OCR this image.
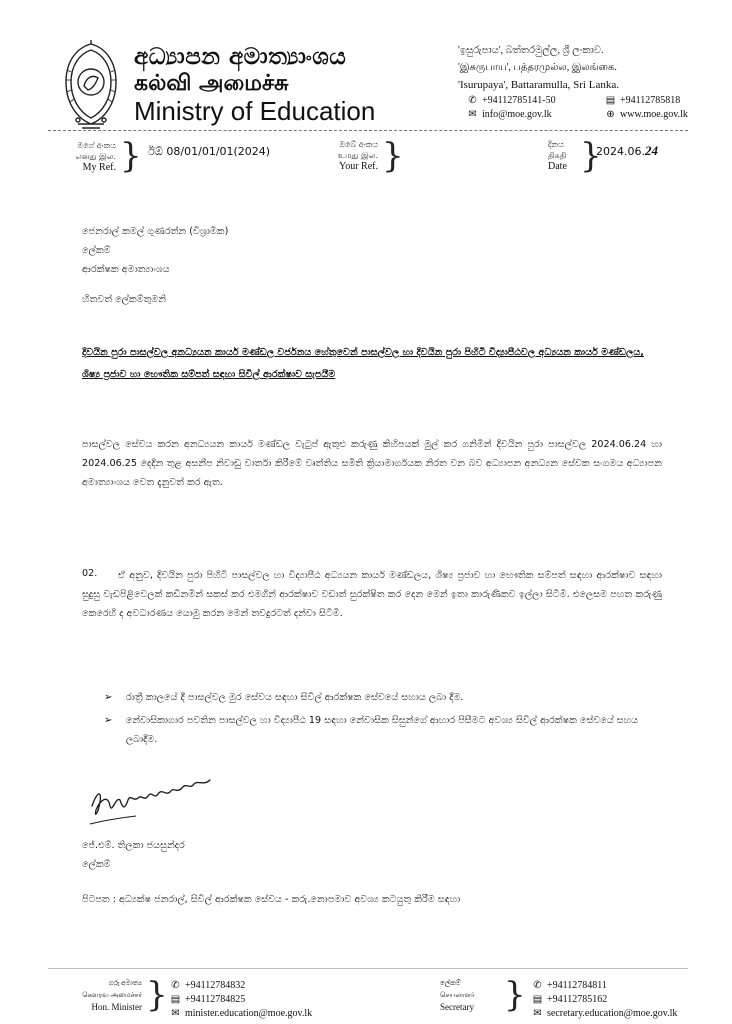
අධ්‍යාපන අමාත්‍යාංශය
கல்வி அமைச்சு
Ministry of Education
'ඉසුරුපාය', බත්තරමුල්ල, ශ්‍රී ලංකාව.
'இசுருபாய', பத்தரமுல்ல, இலங்கை.
'Isurupaya', Battaramulla, Sri Lanka.
✆ +94112785141-50	▤ +94112785818
✉ info@moe.gov.lk	⊕ www.moe.gov.lk
මගේ අංකය
எனது இல.
My Ref. } ඊඕ 08/01/01/01(2024)
ඔබේ අංකය
உமது இல.
Your Ref. }	දිනය
திகதி
Date }
2024.06.24
ජෙනරාල් කමල් ගුණරත්න (විශ්‍රාමික)
ලේකම්
ආරක්ෂක අමාත්‍යාංශය
හිතවත් ලේකම්තුමනි
දිවයින පුරා පාසල්වල අනධ්‍යයන කාර්ය මණ්ඩල වර්ජනය හේතුවෙන් පාසල්වල හා දිවයින පුරා පිහිටි විද්‍යාපීඨවල අධ්‍යයන කාර්ය මණ්ඩලය, ශිෂ්‍ය ප්‍රජාව හා භෞතික සම්පත් සඳහා සිවිල් ආරක්ෂාව සැපයීම
පාසල්වල සේවය කරන අනධ්‍යයන කාර්ය මණ්ඩල වැටුප් ඇතුළු කරුණු කිහිපයක් මුල් කර ගනිමින් දිවයින පුරා පාසල්වල 2024.06.24 හා 2024.06.25 දෙදින තුළ අසනීප නිවාඩු වාර්තා කිරීමේ වෘත්තිය සමිති ක්‍රියාමාර්ගයක නිරත වන බව අධ්‍යාපන අනධ්‍යන සේවක සංගමය අධ්‍යාපන අමාත්‍යාංශය වෙත දැනුවත් කර ඇත.
02.	ඒ අනුව, දිවයින පුරා පිහිටි පාසල්වල හා විද්‍යාපීඨ අධ්‍යයන කාර්ය මණ්ඩලය, ශිෂ්‍ය ප්‍රජාව හා භෞතික සම්පත් සඳහා ආරක්ෂාව සඳහා සුදුසු වැඩපිළිවෙලක් කඩිනමින් සකස් කර එමගින් ආරක්ෂාව වඩාත් සුරක්ෂිත කර දෙන මෙන් ඉතා කාරුණිකව ඉල්ලා සිටිමි. එලෙසම පහත කරුණු කෙරෙහි ද අවධාරණය යොමු කරන මෙන් තවදුරටත් දන්වා සිටිමි.
➢ රාත්‍රී කාලයේ දී පාසල්වල මුර සේවය සඳහා සිවිල් ආරක්ෂක සේවයේ සහාය ලබා දීම.
➢ නේවාසිකාගාර පවතින පාසල්වල හා විද්‍යාපීඨ 19 සඳහා නේවාසික සිසුන්ගේ ආහාර පිසීමට අවශ්‍ය සිවිල් ආරක්ෂක සේවයේ සහය ලබාදීම.
ජේ.එම්. තිලකා ජයසුන්දර
ලේකම්
පිටපත : අධ්‍යක්ෂ ජනරාල්, සිවිල් ආරක්ෂක සේවය - කරු.නොපමාව අවශ්‍ය කටයුතු කිරීම සඳහා
ගරු අමාත්‍ය
கௌரவ அமைச்சர்
Hon. Minister } ✆ +94112784832
▤ +94112784825
✉ minister.education@moe.gov.lk
ලේකම්
செயலாளர்
Secretary } ✆ +94112784811
▤ +94112785162
✉ secretary.education@moe.gov.lk
